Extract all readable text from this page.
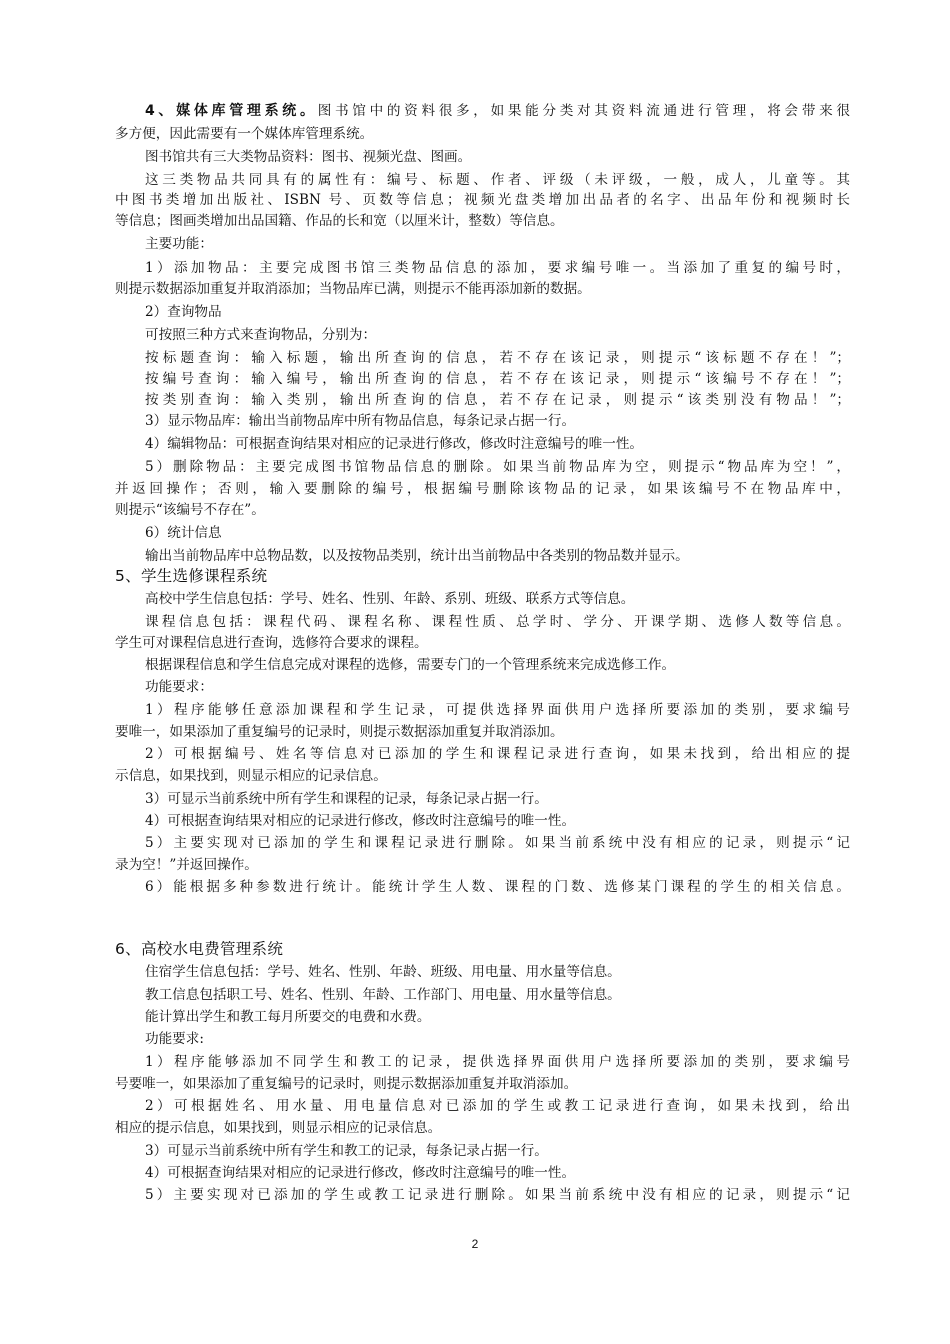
4、媒体库管理系统。图书馆中的资料很多，如果能分类对其资料流通进行管理，将会带来很
多方便，因此需要有一个媒体库管理系统。
图书馆共有三大类物品资料：图书、视频光盘、图画。
这三类物品共同具有的属性有：编号、标题、作者、评级（未评级，一般，成人，儿童等。其
中图书类增加出版社、ISBN 号、页数等信息；视频光盘类增加出品者的名字、出品年份和视频时长
等信息；图画类增加出品国籍、作品的长和宽（以厘米计，整数）等信息。
主要功能：
1）添加物品：主要完成图书馆三类物品信息的添加，要求编号唯一。当添加了重复的编号时，
则提示数据添加重复并取消添加；当物品库已满，则提示不能再添加新的数据。
2）查询物品
可按照三种方式来查询物品，分别为：
按标题查询：输入标题，输出所查询的信息，若不存在该记录，则提示“该标题不存在！”；
按编号查询：输入编号，输出所查询的信息，若不存在该记录，则提示“该编号不存在！”；
按类别查询：输入类别，输出所查询的信息，若不存在记录，则提示“该类别没有物品！”；
3）显示物品库：输出当前物品库中所有物品信息，每条记录占据一行。
4）编辑物品：可根据查询结果对相应的记录进行修改，修改时注意编号的唯一性。
5）删除物品：主要完成图书馆物品信息的删除。如果当前物品库为空，则提示“物品库为空！”，
并返回操作；否则，输入要删除的编号，根据编号删除该物品的记录，如果该编号不在物品库中，
则提示“该编号不存在”。
6）统计信息
输出当前物品库中总物品数，以及按物品类别，统计出当前物品中各类别的物品数并显示。
5、学生选修课程系统
高校中学生信息包括：学号、姓名、性别、年龄、系别、班级、联系方式等信息。
课程信息包括：课程代码、课程名称、课程性质、总学时、学分、开课学期、选修人数等信息。
学生可对课程信息进行查询，选修符合要求的课程。
根据课程信息和学生信息完成对课程的选修，需要专门的一个管理系统来完成选修工作。
功能要求：
1）程序能够任意添加课程和学生记录，可提供选择界面供用户选择所要添加的类别，要求编号
要唯一，如果添加了重复编号的记录时，则提示数据添加重复并取消添加。
2）可根据编号、姓名等信息对已添加的学生和课程记录进行查询，如果未找到，给出相应的提
示信息，如果找到，则显示相应的记录信息。
3）可显示当前系统中所有学生和课程的记录，每条记录占据一行。
4）可根据查询结果对相应的记录进行修改，修改时注意编号的唯一性。
5）主要实现对已添加的学生和课程记录进行删除。如果当前系统中没有相应的记录，则提示“记
录为空！”并返回操作。
6）能根据多种参数进行统计。能统计学生人数、课程的门数、选修某门课程的学生的相关信息。
6、高校水电费管理系统
住宿学生信息包括：学号、姓名、性别、年龄、班级、用电量、用水量等信息。
教工信息包括职工号、姓名、性别、年龄、工作部门、用电量、用水量等信息。
能计算出学生和教工每月所要交的电费和水费。
功能要求:
1）程序能够添加不同学生和教工的记录，提供选择界面供用户选择所要添加的类别，要求编号
号要唯一，如果添加了重复编号的记录时，则提示数据添加重复并取消添加。
2）可根据姓名、用水量、用电量信息对已添加的学生或教工记录进行查询，如果未找到，给出
相应的提示信息，如果找到，则显示相应的记录信息。
3）可显示当前系统中所有学生和教工的记录，每条记录占据一行。
4）可根据查询结果对相应的记录进行修改，修改时注意编号的唯一性。
5）主要实现对已添加的学生或教工记录进行删除。如果当前系统中没有相应的记录，则提示“记
2
